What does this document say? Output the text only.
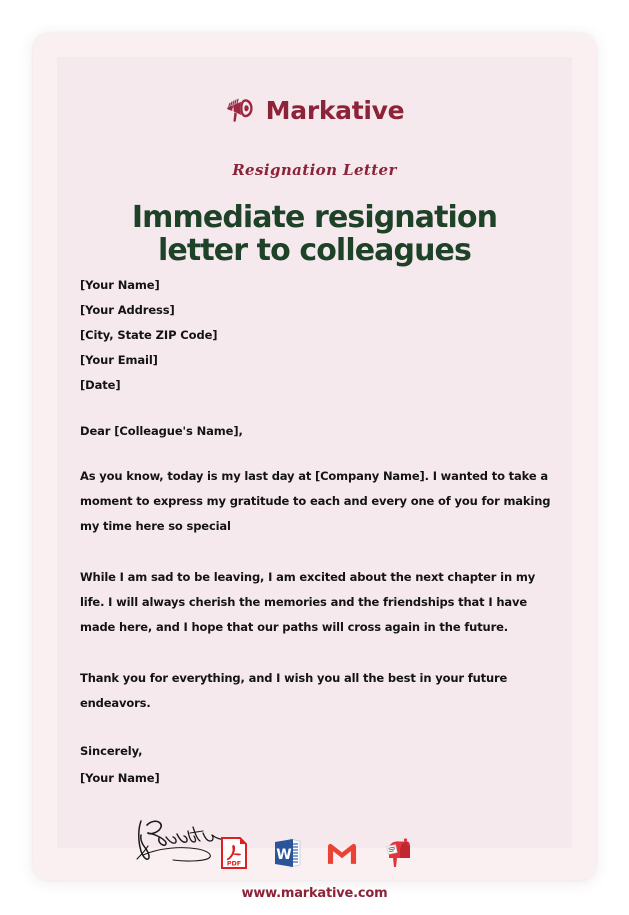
Markative
Resignation Letter
Immediate resignation
letter to colleagues
[Your Name]
[Your Address]
[City, State ZIP Code]
[Your Email]
[Date]
Dear [Colleague's Name],

As you know, today is my last day at [Company Name]. I wanted to take a moment to express my gratitude to each and every one of you for making my time here so special

While I am sad to be leaving, I am excited about the next chapter in my life. I will always cherish the memories and the friendships that I have made here, and I hope that our paths will cross again in the future.

Thank you for everything, and I wish you all the best in your future endeavors.

Sincerely,
[Your Name]
PDF
W
www.markative.com
